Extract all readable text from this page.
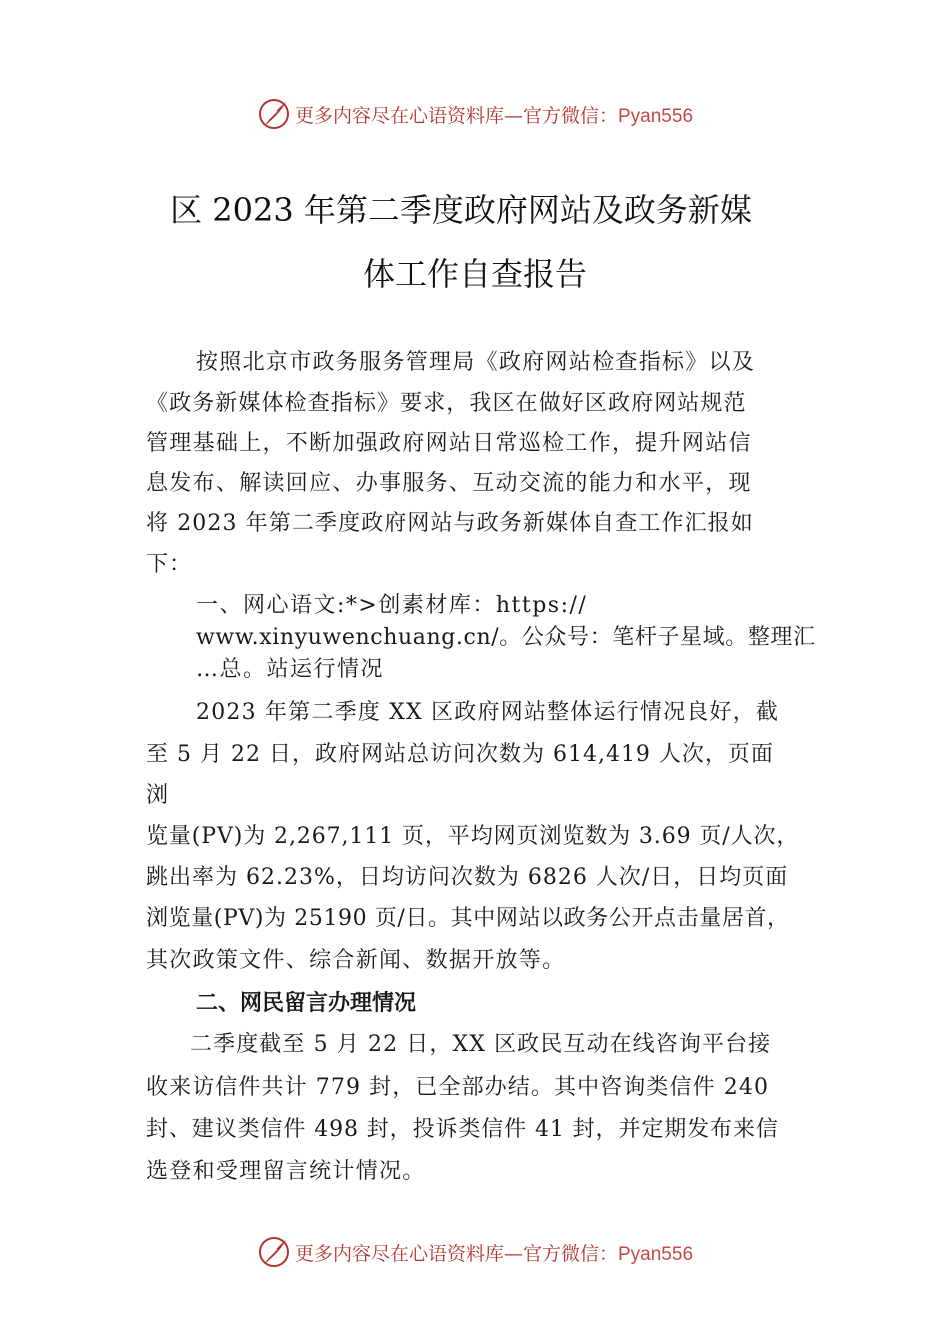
更多内容尽在心语资料库—官方微信：Pyan556
区 2023 年第二季度政府网站及政务新媒
体工作自查报告
按照北京市政务服务管理局《政府网站检查指标》以及
《政务新媒体检查指标》要求，我区在做好区政府网站规范
管理基础上，不断加强政府网站日常巡检工作，提升网站信
息发布、解读回应、办事服务、互动交流的能力和水平，现
将 2023 年第二季度政府网站与政务新媒体自查工作汇报如
下：
一、网心语文:*>创素材库：https://
www.xinyuwenchuang.cn/。公众号：笔杆子星域。整理汇
…总。站运行情况
2023 年第二季度 XX 区政府网站整体运行情况良好，截
至 5 月 22 日，政府网站总访问次数为 614,419 人次，页面
浏
览量(PV)为 2,267,111 页，平均网页浏览数为 3.69 页/人次，
跳出率为 62.23%，日均访问次数为 6826 人次/日，日均页面
浏览量(PV)为 25190 页/日。其中网站以政务公开点击量居首，
其次政策文件、综合新闻、数据开放等。
二、网民留言办理情况
二季度截至 5 月 22 日，XX 区政民互动在线咨询平台接
收来访信件共计 779 封，已全部办结。其中咨询类信件 240
封、建议类信件 498 封，投诉类信件 41 封，并定期发布来信
选登和受理留言统计情况。
更多内容尽在心语资料库—官方微信：Pyan556
